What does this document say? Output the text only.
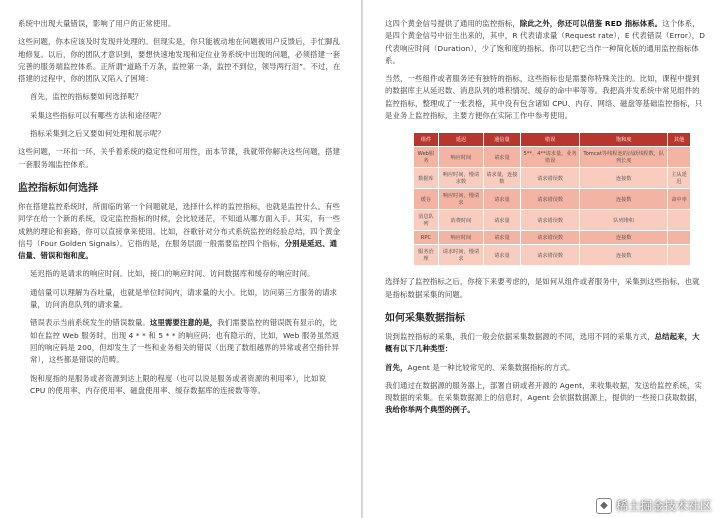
系统中出现大量错误，影响了用户的正常使用。

这些问题，你本应该及时发现并处理的。但现实是，你只能被动地在问题被用户反馈后，手忙脚乱地修复。以后，你的团队才意识到，要想快速地发现和定位业务系统中出现的问题，必须搭建一套完善的服务端监控体系。正所谓“道路千万条，监控第一条，监控不到位，领导两行泪”。不过，在搭建的过程中，你的团队又陷入了困境：

首先，监控的指标要如何选择呢？

采集这些指标可以有哪些方法和途径呢？

指标采集到之后又要如何处理和展示呢？

这些问题，一环扣一环，关乎着系统的稳定性和可用性，而本节课，我就带你解决这些问题，搭建一套服务端监控体系。

监控指标如何选择

你在搭建监控系统时，所面临的第一个问题就是，选择什么样的监控指标，也就是监控什么。有些同学在给一个新的系统，设定监控指标的时候，会比较迷茫，不知道从哪方面入手。其实，有一些成熟的理论和套路，你可以直接拿来使用。比如，谷歌针对分布式系统监控的经验总结，四个黄金信号（Four Golden Signals）。它指的是，在服务层面一般需要监控四个指标，分别是延迟、通信量、错误和饱和度。

延迟指的是请求的响应时间。比如，接口的响应时间、访问数据库和缓存的响应时间。

通信量可以理解为吞吐量，也就是单位时间内，请求量的大小。比如，访问第三方服务的请求量，访问消息队列的请求量。

错误表示当前系统发生的错误数量。这里需要注意的是，我们需要监控的错误既有显示的，比如在监控 Web 服务时，出现 4 * * 和 5 * * 的响应码；也有隐示的，比如，Web 服务虽然返回的响应码是 200，但却发生了一些和业务相关的错误（出现了数组越界的异常或者空指针异常），这些都是错误的范畴。

饱和度指的是服务或者资源到达上限的程度（也可以说是服务或者资源的利用率），比如说 CPU 的使用率、内存使用率、磁盘使用率、缓存数据库的连接数等等。

这四个黄金信号提供了通用的监控指标，除此之外，你还可以借鉴 RED 指标体系。这个体系，是四个黄金信号中衍生出来的，其中，R 代表请求量（Request rate），E 代表错误（Error），D 代表响应时间（Duration），少了饱和度的指标。你可以把它当作一种简化版的通用监控指标体系。

当然，一些组件或者服务还有独特的指标，这些指标也是需要你特殊关注的。比如，课程中提到的数据库主从延迟数、消息队列的堆积情况、缓存的命中率等等。我把高并发系统中常见组件的监控指标，整理成了一张表格，其中没有包含诸如 CPU、内存、网络、磁盘等基础监控指标，只是业务上监控指标，主要方便你在实际工作中参考使用。

组件	延迟	通信量	错误	饱和度	其他
Web服务	响应时间	请求量	5**、4**请求量，业务错误	Tomcat等线程池的活跃线程数，队列长度	
数据库	响应时间，慢请求数	请求量，连接数	请求错误数	连接数	主从延迟
缓存	响应时间，慢请求	请求量	请求错误数	连接数	命中率
消息队列	消费时间	请求量	请求错误数	队列堆积	
RPC	响应时间	请求量	请求错误数	连接数	
服务治理	请求时间，慢请求	请求量	请求错误数	连接数	

选择好了监控指标之后，你接下来要考虑的，是如何从组件或者服务中，采集到这些指标，也就是指标数据采集的问题。

如何采集数据指标

说到监控指标的采集，我们一般会依据采集数据源的不同，选用不同的采集方式，总结起来，大概有以下几种类型：

首先，Agent 是一种比较常见的、采集数据指标的方式。

我们通过在数据源的服务器上，部署自研或者开源的 Agent，来收集收据，发送给监控系统，实现数据的采集。在采集数据源上的信息时，Agent 会依据数据源上，提供的一些接口获取数据，我给你举两个典型的例子。

◆ 稀土掘金技术社区
